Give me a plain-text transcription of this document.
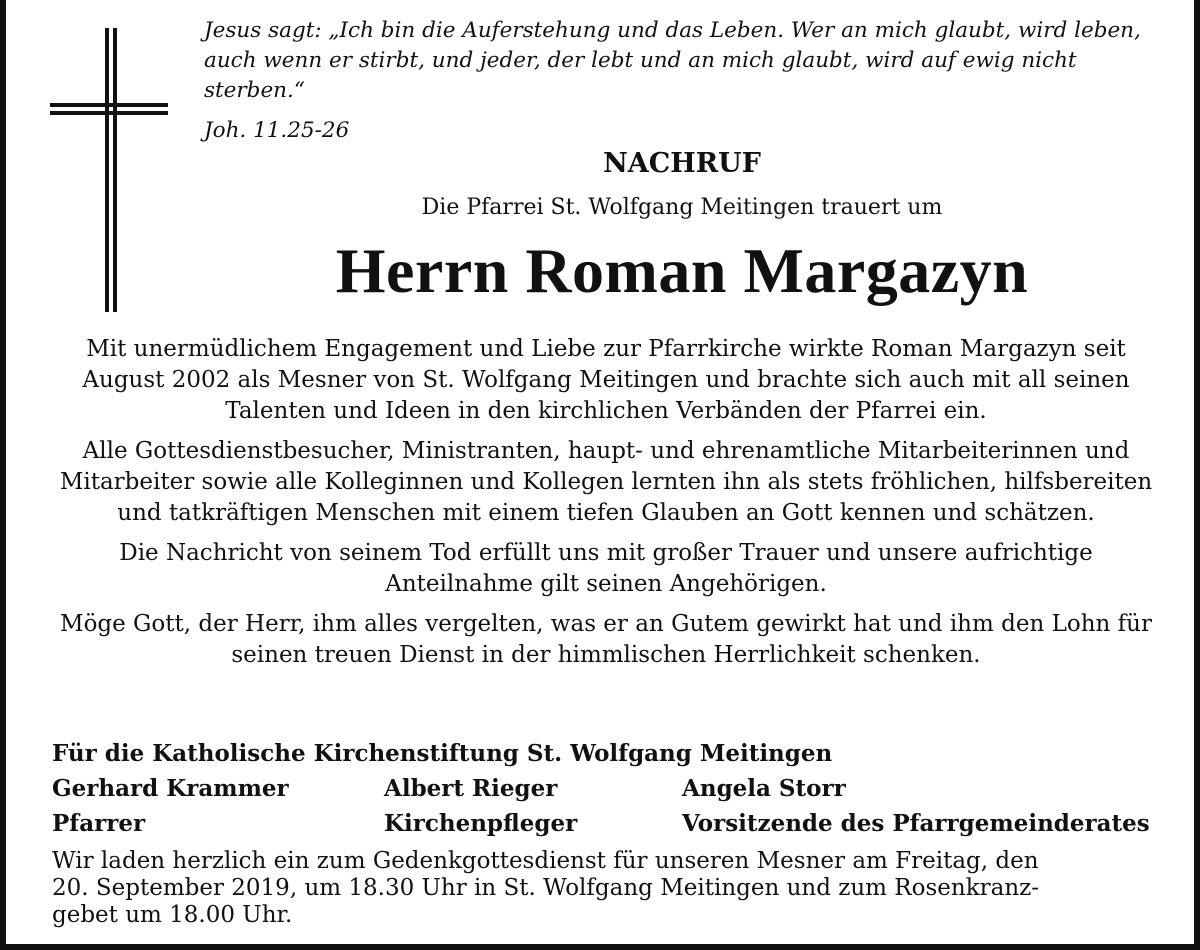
Jesus sagt: „Ich bin die Auferstehung und das Leben. Wer an mich glaubt, wird leben, auch wenn er stirbt, und jeder, der lebt und an mich glaubt, wird auf ewig nicht sterben.“
Joh. 11.25-26
NACHRUF
Die Pfarrei St. Wolfgang Meitingen trauert um
Herrn Roman Margazyn

Mit unermüdlichem Engagement und Liebe zur Pfarrkirche wirkte Roman Margazyn seit August 2002 als Mesner von St. Wolfgang Meitingen und brachte sich auch mit all seinen Talenten und Ideen in den kirchlichen Verbänden der Pfarrei ein.

Alle Gottesdienstbesucher, Ministranten, haupt- und ehrenamtliche Mitarbeiterinnen und Mitarbeiter sowie alle Kolleginnen und Kollegen lernten ihn als stets fröhlichen, hilfsbereiten und tatkräftigen Menschen mit einem tiefen Glauben an Gott kennen und schätzen.

Die Nachricht von seinem Tod erfüllt uns mit großer Trauer und unsere aufrichtige Anteilnahme gilt seinen Angehörigen.

Möge Gott, der Herr, ihm alles vergelten, was er an Gutem gewirkt hat und ihm den Lohn für seinen treuen Dienst in der himmlischen Herrlichkeit schenken.

Für die Katholische Kirchenstiftung St. Wolfgang Meitingen
Gerhard Krammer	Albert Rieger	Angela Storr
Pfarrer	Kirchenpfleger	Vorsitzende des Pfarrgemeinderates
Wir laden herzlich ein zum Gedenkgottesdienst für unseren Mesner am Freitag, den
20. September 2019, um 18.30 Uhr in St. Wolfgang Meitingen und zum Rosenkranz-
gebet um 18.00 Uhr.
